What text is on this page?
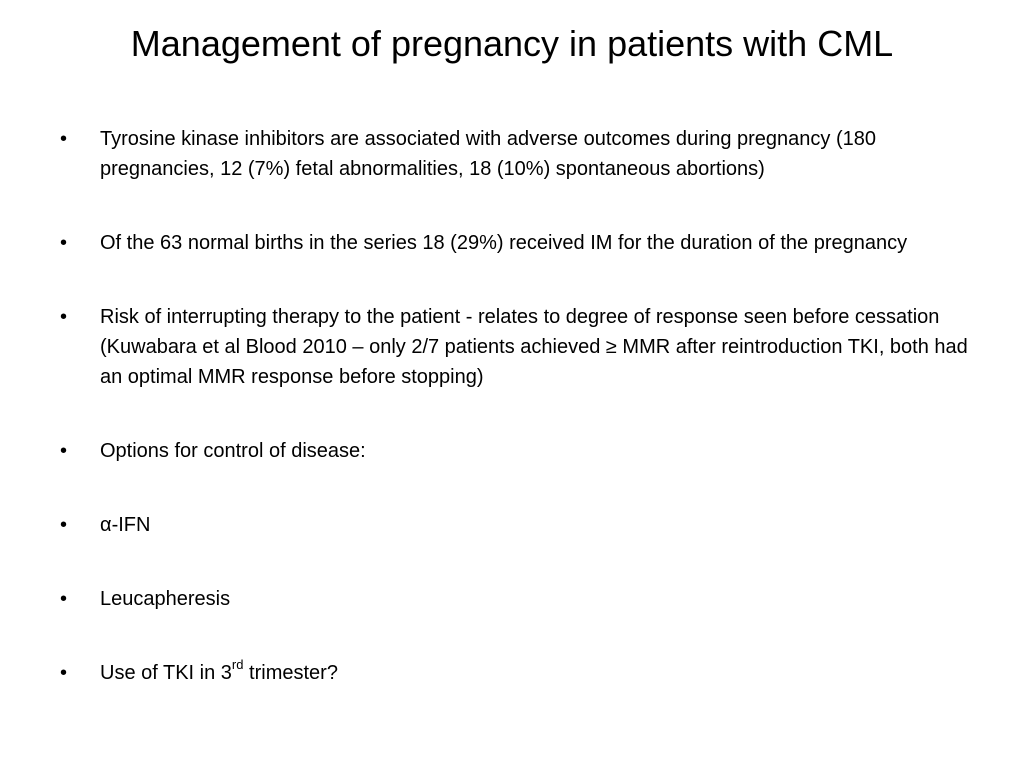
Management of pregnancy in patients with CML
•	Tyrosine kinase inhibitors are associated with adverse outcomes during pregnancy (180 pregnancies, 12 (7%) fetal abnormalities, 18 (10%) spontaneous abortions)
•	Of the 63 normal births in the series 18 (29%) received IM for the duration of the pregnancy
•	Risk of interrupting therapy to the patient - relates to degree of response seen before cessation (Kuwabara et al Blood 2010 – only 2/7 patients achieved ≥ MMR after reintroduction TKI, both had an optimal MMR response before stopping)
•	Options for control of disease:
•	α-IFN
•	Leucapheresis
•	Use of TKI in 3rd trimester?
